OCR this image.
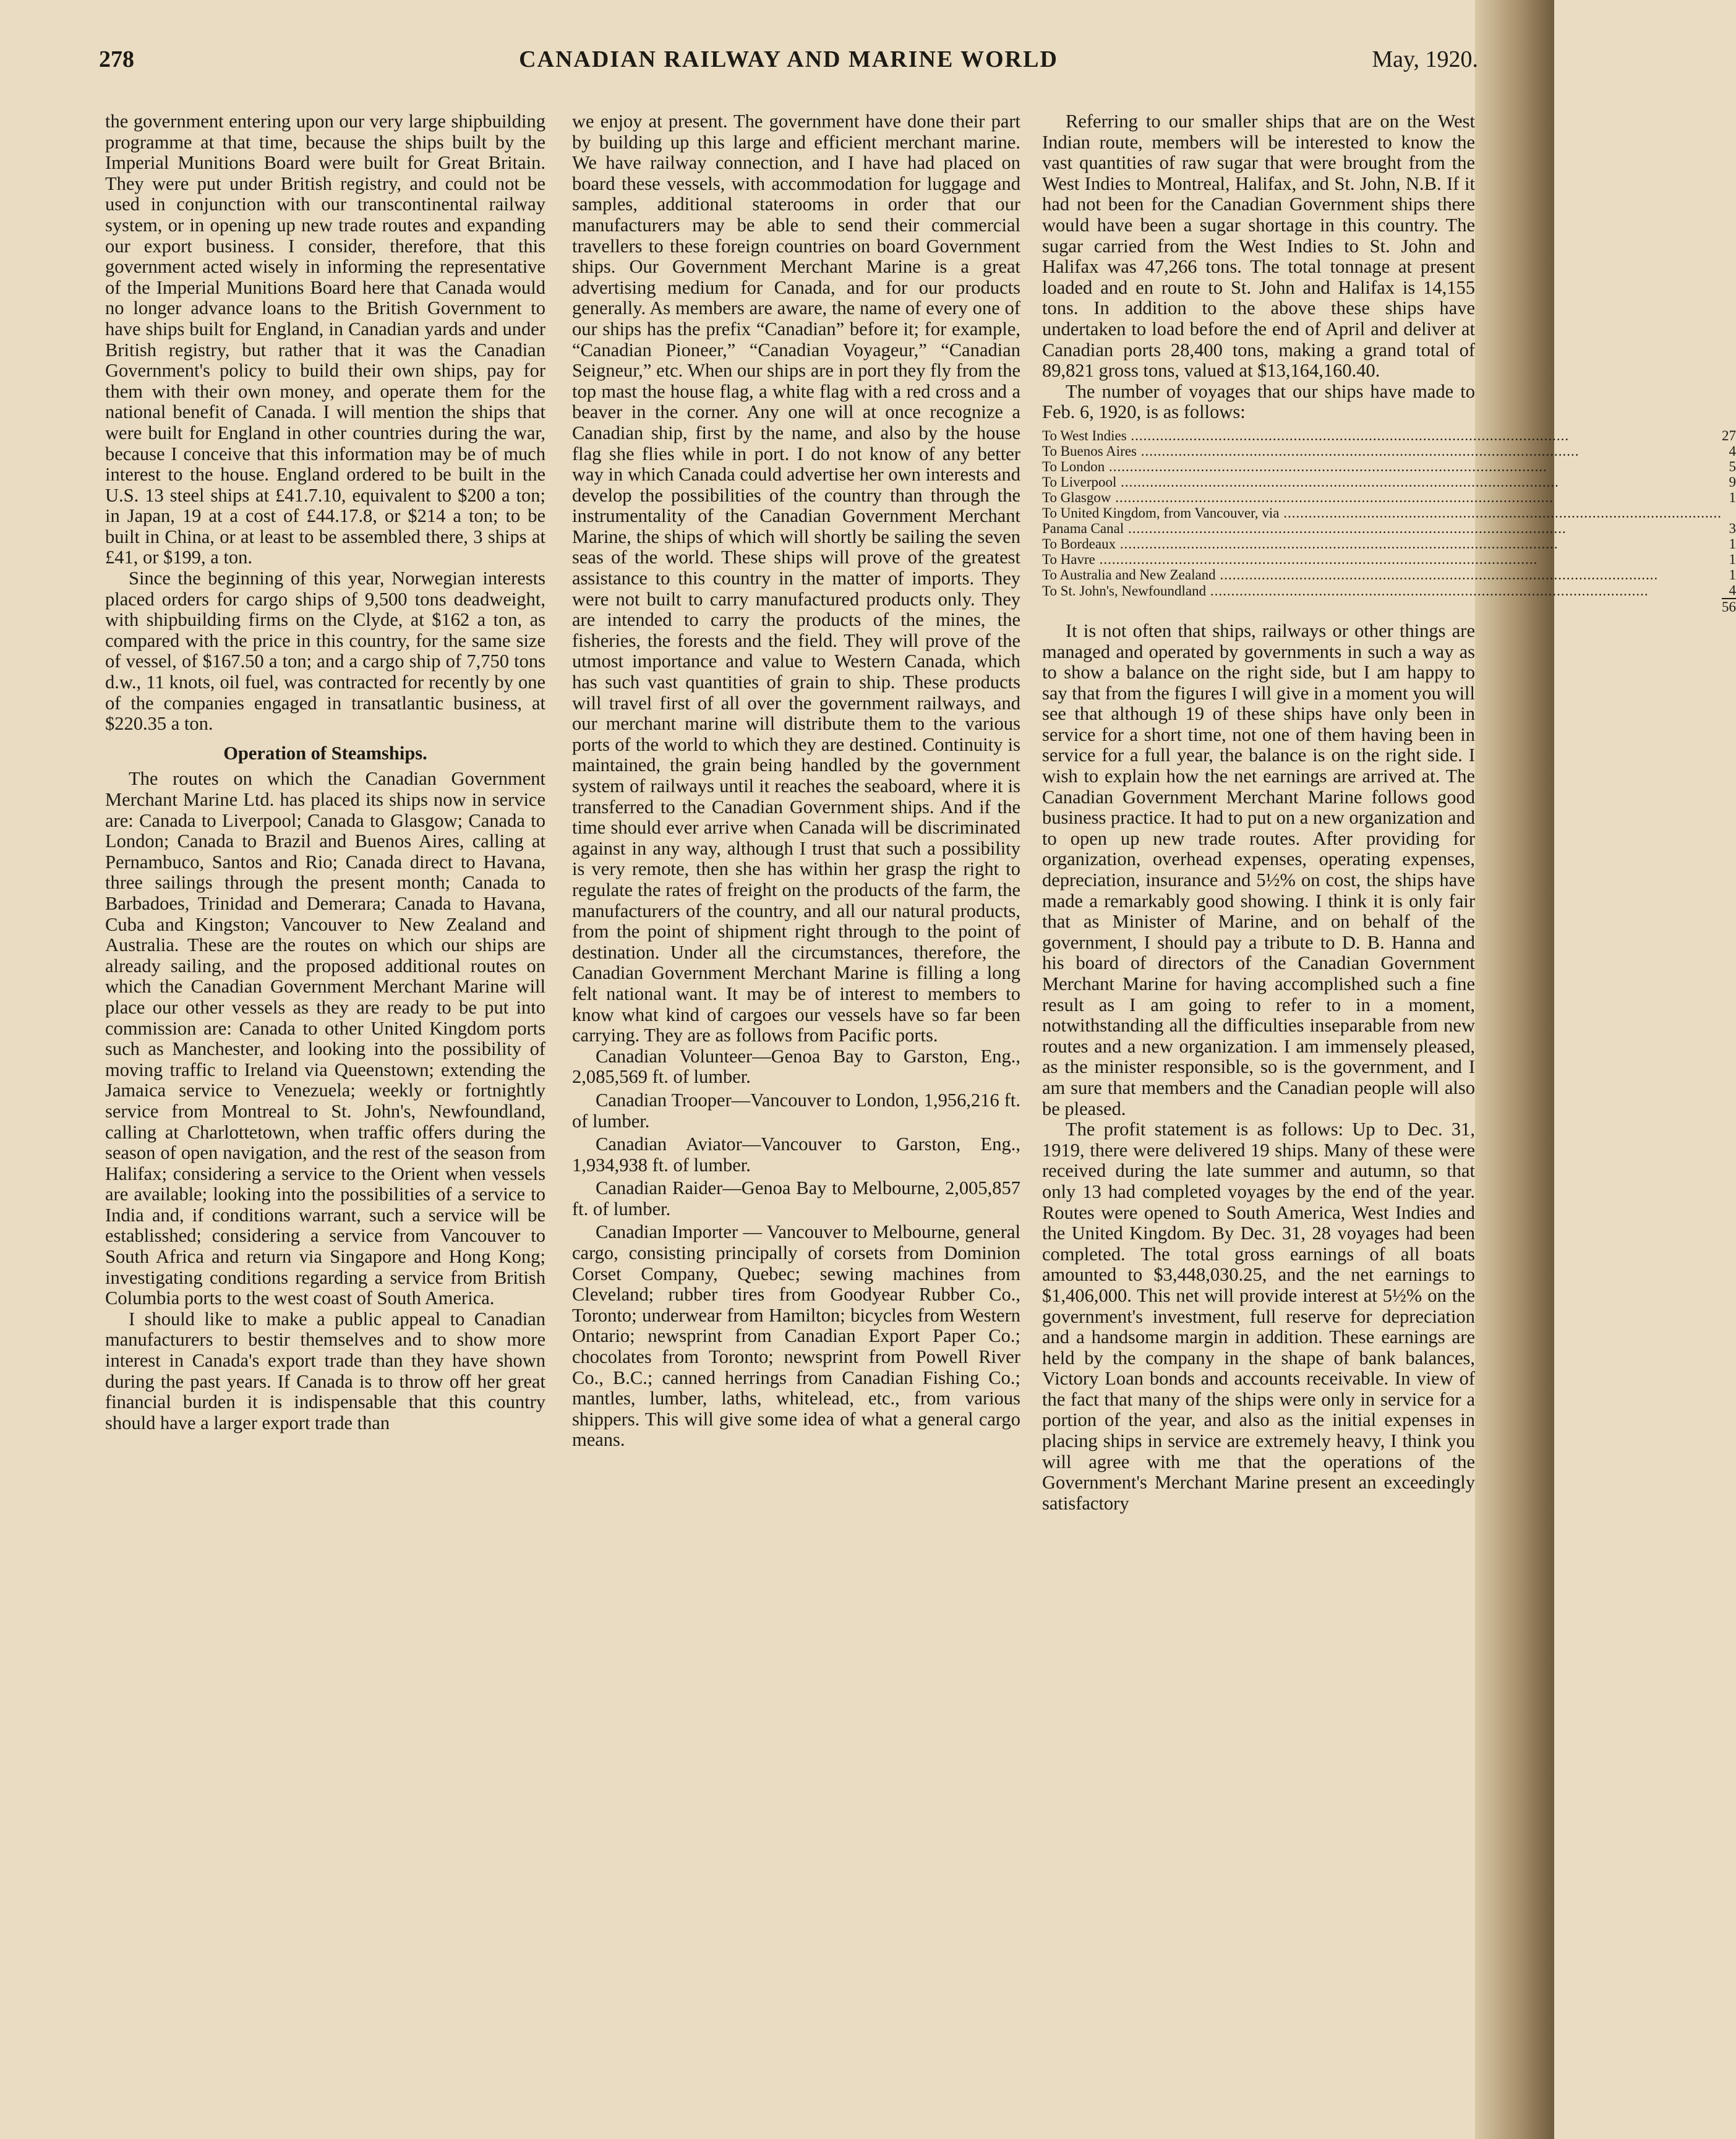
278	CANADIAN RAILWAY AND MARINE WORLD	May, 1920.

the government entering upon our very large shipbuilding programme at that time, because the ships built by the Imperial Munitions Board were built for Great Britain. They were put under British registry, and could not be used in conjunction with our transcontinental railway system, or in opening up new trade routes and expanding our export business. I consider, therefore, that this government acted wisely in informing the representative of the Imperial Munitions Board here that Canada would no longer advance loans to the British Government to have ships built for England, in Canadian yards and under British registry, but rather that it was the Canadian Government's policy to build their own ships, pay for them with their own money, and operate them for the national benefit of Canada. I will mention the ships that were built for England in other countries during the war, because I conceive that this information may be of much interest to the house. England ordered to be built in the U.S. 13 steel ships at £41.7.10, equivalent to $200 a ton; in Japan, 19 at a cost of £44.17.8, or $214 a ton; to be built in China, or at least to be assembled there, 3 ships at £41, or $199, a ton.

Since the beginning of this year, Norwegian interests placed orders for cargo ships of 9,500 tons deadweight, with shipbuilding firms on the Clyde, at $162 a ton, as compared with the price in this country, for the same size of vessel, of $167.50 a ton; and a cargo ship of 7,750 tons d.w., 11 knots, oil fuel, was contracted for recently by one of the companies engaged in transatlantic business, at $220.35 a ton.

Operation of Steamships.

The routes on which the Canadian Government Merchant Marine Ltd. has placed its ships now in service are: Canada to Liverpool; Canada to Glasgow; Canada to London; Canada to Brazil and Buenos Aires, calling at Pernambuco, Santos and Rio; Canada direct to Havana, three sailings through the present month; Canada to Barbadoes, Trinidad and Demerara; Canada to Havana, Cuba and Kingston; Vancouver to New Zealand and Australia. These are the routes on which our ships are already sailing, and the proposed additional routes on which the Canadian Government Merchant Marine will place our other vessels as they are ready to be put into commission are: Canada to other United Kingdom ports such as Manchester, and looking into the possibility of moving traffic to Ireland via Queenstown; extending the Jamaica service to Venezuela; weekly or fortnightly service from Montreal to St. John's, Newfoundland, calling at Charlottetown, when traffic offers during the season of open navigation, and the rest of the season from Halifax; considering a service to the Orient when vessels are available; looking into the possibilities of a service to India and, if conditions warrant, such a service will be establisshed; considering a service from Vancouver to South Africa and return via Singapore and Hong Kong; investigating conditions regarding a service from British Columbia ports to the west coast of South America.

I should like to make a public appeal to Canadian manufacturers to bestir themselves and to show more interest in Canada's export trade than they have shown during the past years. If Canada is to throw off her great financial burden it is indispensable that this country should have a larger export trade than

we enjoy at present. The government have done their part by building up this large and efficient merchant marine. We have railway connection, and I have had placed on board these vessels, with accommodation for luggage and samples, additional staterooms in order that our manufacturers may be able to send their commercial travellers to these foreign countries on board Government ships. Our Government Merchant Marine is a great advertising medium for Canada, and for our products generally. As members are aware, the name of every one of our ships has the prefix “Canadian” before it; for example, “Canadian Pioneer,” “Canadian Voyageur,” “Canadian Seigneur,” etc. When our ships are in port they fly from the top mast the house flag, a white flag with a red cross and a beaver in the corner. Any one will at once recognize a Canadian ship, first by the name, and also by the house flag she flies while in port. I do not know of any better way in which Canada could advertise her own interests and develop the possibilities of the country than through the instrumentality of the Canadian Government Merchant Marine, the ships of which will shortly be sailing the seven seas of the world. These ships will prove of the greatest assistance to this country in the matter of imports. They were not built to carry manufactured products only. They are intended to carry the products of the mines, the fisheries, the forests and the field. They will prove of the utmost importance and value to Western Canada, which has such vast quantities of grain to ship. These products will travel first of all over the government railways, and our merchant marine will distribute them to the various ports of the world to which they are destined. Continuity is maintained, the grain being handled by the government system of railways until it reaches the seaboard, where it is transferred to the Canadian Government ships. And if the time should ever arrive when Canada will be discriminated against in any way, although I trust that such a possibility is very remote, then she has within her grasp the right to regulate the rates of freight on the products of the farm, the manufacturers of the country, and all our natural products, from the point of shipment right through to the point of destination. Under all the circumstances, therefore, the Canadian Government Merchant Marine is filling a long felt national want. It may be of interest to members to know what kind of cargoes our vessels have so far been carrying. They are as follows from Pacific ports.

Canadian Volunteer—Genoa Bay to Garston, Eng., 2,085,569 ft. of lumber.

Canadian Trooper—Vancouver to London, 1,956,216 ft. of lumber.

Canadian Aviator—Vancouver to Garston, Eng., 1,934,938 ft. of lumber.

Canadian Raider—Genoa Bay to Melbourne, 2,005,857 ft. of lumber.

Canadian Importer — Vancouver to Melbourne, general cargo, consisting principally of corsets from Dominion Corset Company, Quebec; sewing machines from Cleveland; rubber tires from Goodyear Rubber Co., Toronto; underwear from Hamilton; bicycles from Western Ontario; newsprint from Canadian Export Paper Co.; chocolates from Toronto; newsprint from Powell River Co., B.C.; canned herrings from Canadian Fishing Co.; mantles, lumber, laths, whitelead, etc., from various shippers. This will give some idea of what a general cargo means.

Referring to our smaller ships that are on the West Indian route, members will be interested to know the vast quantities of raw sugar that were brought from the West Indies to Montreal, Halifax, and St. John, N.B. If it had not been for the Canadian Government ships there would have been a sugar shortage in this country. The sugar carried from the West Indies to St. John and Halifax was 47,266 tons. The total tonnage at present loaded and en route to St. John and Halifax is 14,155 tons. In addition to the above these ships have undertaken to load before the end of April and deliver at Canadian ports 28,400 tons, making a grand total of 89,821 gross tons, valued at $13,164,160.40.

The number of voyages that our ships have made to Feb. 6, 1920, is as follows:

To West Indies .....	27
To Buenos Aires .....	4
To London .....	5
To Liverpool .....	9
To Glasgow .....	1
To United Kingdom, from Vancouver, via .....	
Panama Canal .....	3
To Bordeaux .....	1
To Havre .....	1
To Australia and New Zealand .....	1
To St. John's, Newfoundland .....	4
	56

It is not often that ships, railways or other things are managed and operated by governments in such a way as to show a balance on the right side, but I am happy to say that from the figures I will give in a moment you will see that although 19 of these ships have only been in service for a short time, not one of them having been in service for a full year, the balance is on the right side. I wish to explain how the net earnings are arrived at. The Canadian Government Merchant Marine follows good business practice. It had to put on a new organization and to open up new trade routes. After providing for organization, overhead expenses, operating expenses, depreciation, insurance and 5½% on cost, the ships have made a remarkably good showing. I think it is only fair that as Minister of Marine, and on behalf of the government, I should pay a tribute to D. B. Hanna and his board of directors of the Canadian Government Merchant Marine for having accomplished such a fine result as I am going to refer to in a moment, notwithstanding all the difficulties inseparable from new routes and a new organization. I am immensely pleased, as the minister responsible, so is the government, and I am sure that members and the Canadian people will also be pleased.

The profit statement is as follows: Up to Dec. 31, 1919, there were delivered 19 ships. Many of these were received during the late summer and autumn, so that only 13 had completed voyages by the end of the year. Routes were opened to South America, West Indies and the United Kingdom. By Dec. 31, 28 voyages had been completed. The total gross earnings of all boats amounted to $3,448,030.25, and the net earnings to $1,406,000. This net will provide interest at 5½% on the government's investment, full reserve for depreciation and a handsome margin in addition. These earnings are held by the company in the shape of bank balances, Victory Loan bonds and accounts receivable. In view of the fact that many of the ships were only in service for a portion of the year, and also as the initial expenses in placing ships in service are extremely heavy, I think you will agree with me that the operations of the Government's Merchant Marine present an exceedingly satisfactory
